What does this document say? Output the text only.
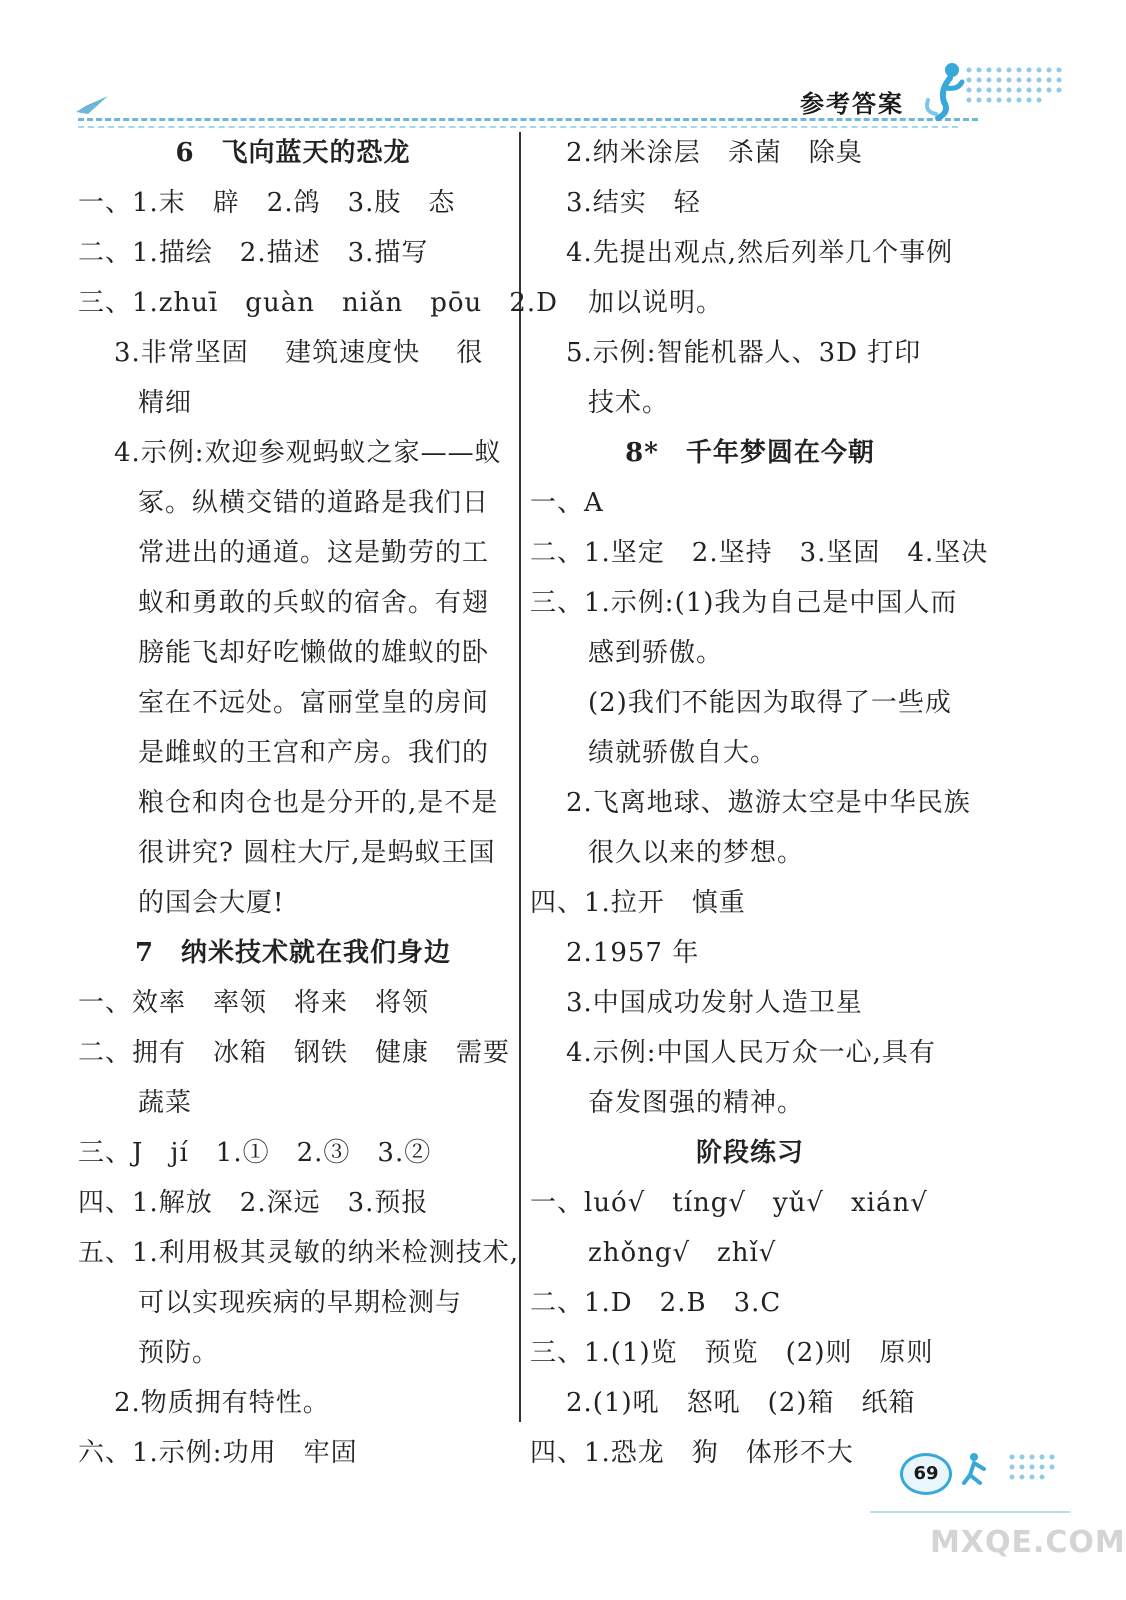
参考答案
6　飞向蓝天的恐龙
一、1.末　辟　2.鸽　3.肢　态
二、1.描绘　2.描述　3.描写
三、1.zhuī　guàn　niǎn　pōu　2.D
3.非常坚固　 建筑速度快　 很
精细
4.示例:欢迎参观蚂蚁之家——蚁
冢。纵横交错的道路是我们日
常进出的通道。这是勤劳的工
蚁和勇敢的兵蚁的宿舍。有翅
膀能飞却好吃懒做的雄蚁的卧
室在不远处。富丽堂皇的房间
是雌蚁的王宫和产房。我们的
粮仓和肉仓也是分开的,是不是
很讲究? 圆柱大厅,是蚂蚁王国
的国会大厦!
7　纳米技术就在我们身边
一、效率　率领　将来　将领
二、拥有　冰箱　钢铁　健康　需要
蔬菜
三、J　jí　1.①　2.③　3.②
四、1.解放　2.深远　3.预报
五、1.利用极其灵敏的纳米检测技术,
可以实现疾病的早期检测与
预防。
2.物质拥有特性。
六、1.示例:功用　牢固
2.纳米涂层　杀菌　除臭
3.结实　轻
4.先提出观点,然后列举几个事例
加以说明。
5.示例:智能机器人、3D 打印
技术。
8*　千年梦圆在今朝
一、A
二、1.坚定　2.坚持　3.坚固　4.坚决
三、1.示例:(1)我为自己是中国人而
感到骄傲。
(2)我们不能因为取得了一些成
绩就骄傲自大。
2.飞离地球、遨游太空是中华民族
很久以来的梦想。
四、1.拉开　慎重
2.1957 年
3.中国成功发射人造卫星
4.示例:中国人民万众一心,具有
奋发图强的精神。
阶段练习
一、luó√　tíng√　yǔ√　xián√
zhǒng√　zhǐ√
二、1.D　2.B　3.C
三、1.(1)览　预览　(2)则　原则
2.(1)吼　怒吼　(2)箱　纸箱
四、1.恐龙　狗　体形不大
69
MXQE.COM
